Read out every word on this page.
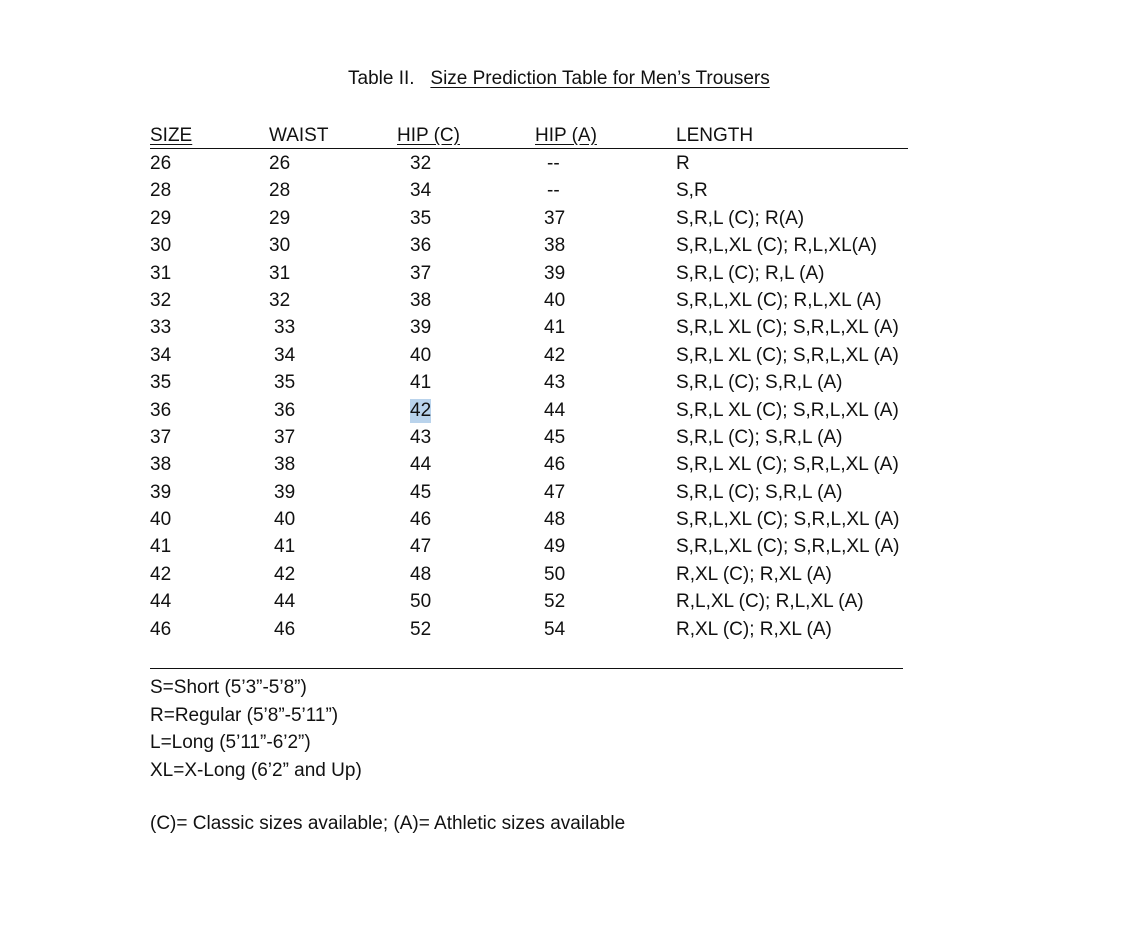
Table II. Size Prediction Table for Men’s Trousers
SIZE	WAIST	HIP (C)	HIP (A)	LENGTH
26	26	32	--	R
28	28	34	--	S,R
29	29	35	37	S,R,L (C); R(A)
30	30	36	38	S,R,L,XL (C); R,L,XL(A)
31	31	37	39	S,R,L (C); R,L (A)
32	32	38	40	S,R,L,XL (C); R,L,XL (A)
33	33	39	41	S,R,L XL (C); S,R,L,XL (A)
34	34	40	42	S,R,L XL (C); S,R,L,XL (A)
35	35	41	43	S,R,L (C); S,R,L (A)
36	36	42	44	S,R,L XL (C); S,R,L,XL (A)
37	37	43	45	S,R,L (C); S,R,L (A)
38	38	44	46	S,R,L XL (C); S,R,L,XL (A)
39	39	45	47	S,R,L (C); S,R,L (A)
40	40	46	48	S,R,L,XL (C); S,R,L,XL (A)
41	41	47	49	S,R,L,XL (C); S,R,L,XL (A)
42	42	48	50	R,XL (C); R,XL (A)
44	44	50	52	R,L,XL (C); R,L,XL (A)
46	46	52	54	R,XL (C); R,XL (A)
S=Short (5’3”-5’8”)
R=Regular (5’8”-5’11”)
L=Long (5’11”-6’2”)
XL=X-Long (6’2” and Up)
(C)= Classic sizes available; (A)= Athletic sizes available
